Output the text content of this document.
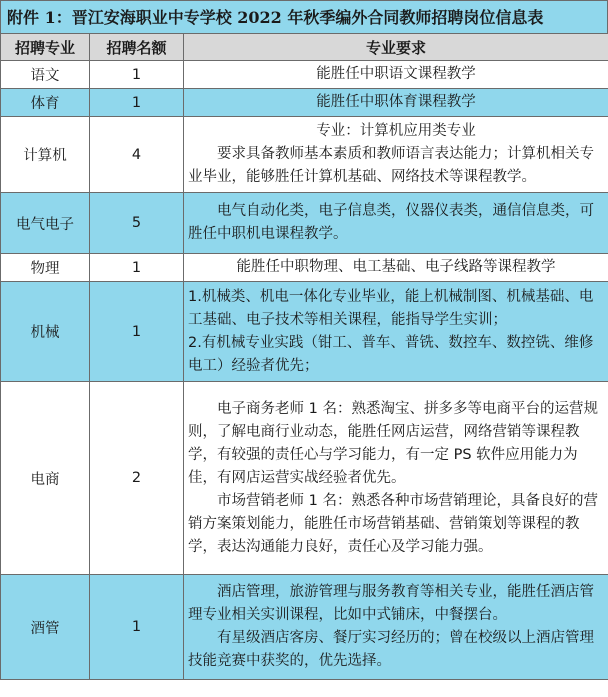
附件 1：晋江安海职业中专学校 2022 年秋季编外合同教师招聘岗位信息表
招聘专业	招聘名额	专业要求
语文	1	能胜任中职语文课程教学

体育	1	能胜任中职体育课程教学

计算机	4	专业：计算机应用类专业

要求具备教师基本素质和教师语言表达能力；计算机相关专业毕业，能够胜任计算机基础、网络技术等课程教学。

电气电子	5	电气自动化类，电子信息类，仪器仪表类，通信信息类，可胜任中职机电课程教学。

物理	1	能胜任中职物理、电工基础、电子线路等课程教学

机械	1	1.机械类、机电一体化专业毕业，能上机械制图、机械基础、电工基础、电子技术等相关课程，能指导学生实训；

2.有机械专业实践（钳工、普车、普铣、数控车、数控铣、维修电工）经验者优先；

电商	2	电子商务老师 1 名：熟悉淘宝、拼多多等电商平台的运营规则，了解电商行业动态，能胜任网店运营，网络营销等课程教学，有较强的责任心与学习能力，有一定 PS 软件应用能力为佳，有网店运营实战经验者优先。

市场营销老师 1 名：熟悉各种市场营销理论，具备良好的营销方案策划能力，能胜任市场营销基础、营销策划等课程的教学，表达沟通能力良好，责任心及学习能力强。

酒管	1	酒店管理，旅游管理与服务教育等相关专业，能胜任酒店管理专业相关实训课程，比如中式铺床，中餐摆台。

有星级酒店客房、餐厅实习经历的；曾在校级以上酒店管理技能竞赛中获奖的，优先选择。
